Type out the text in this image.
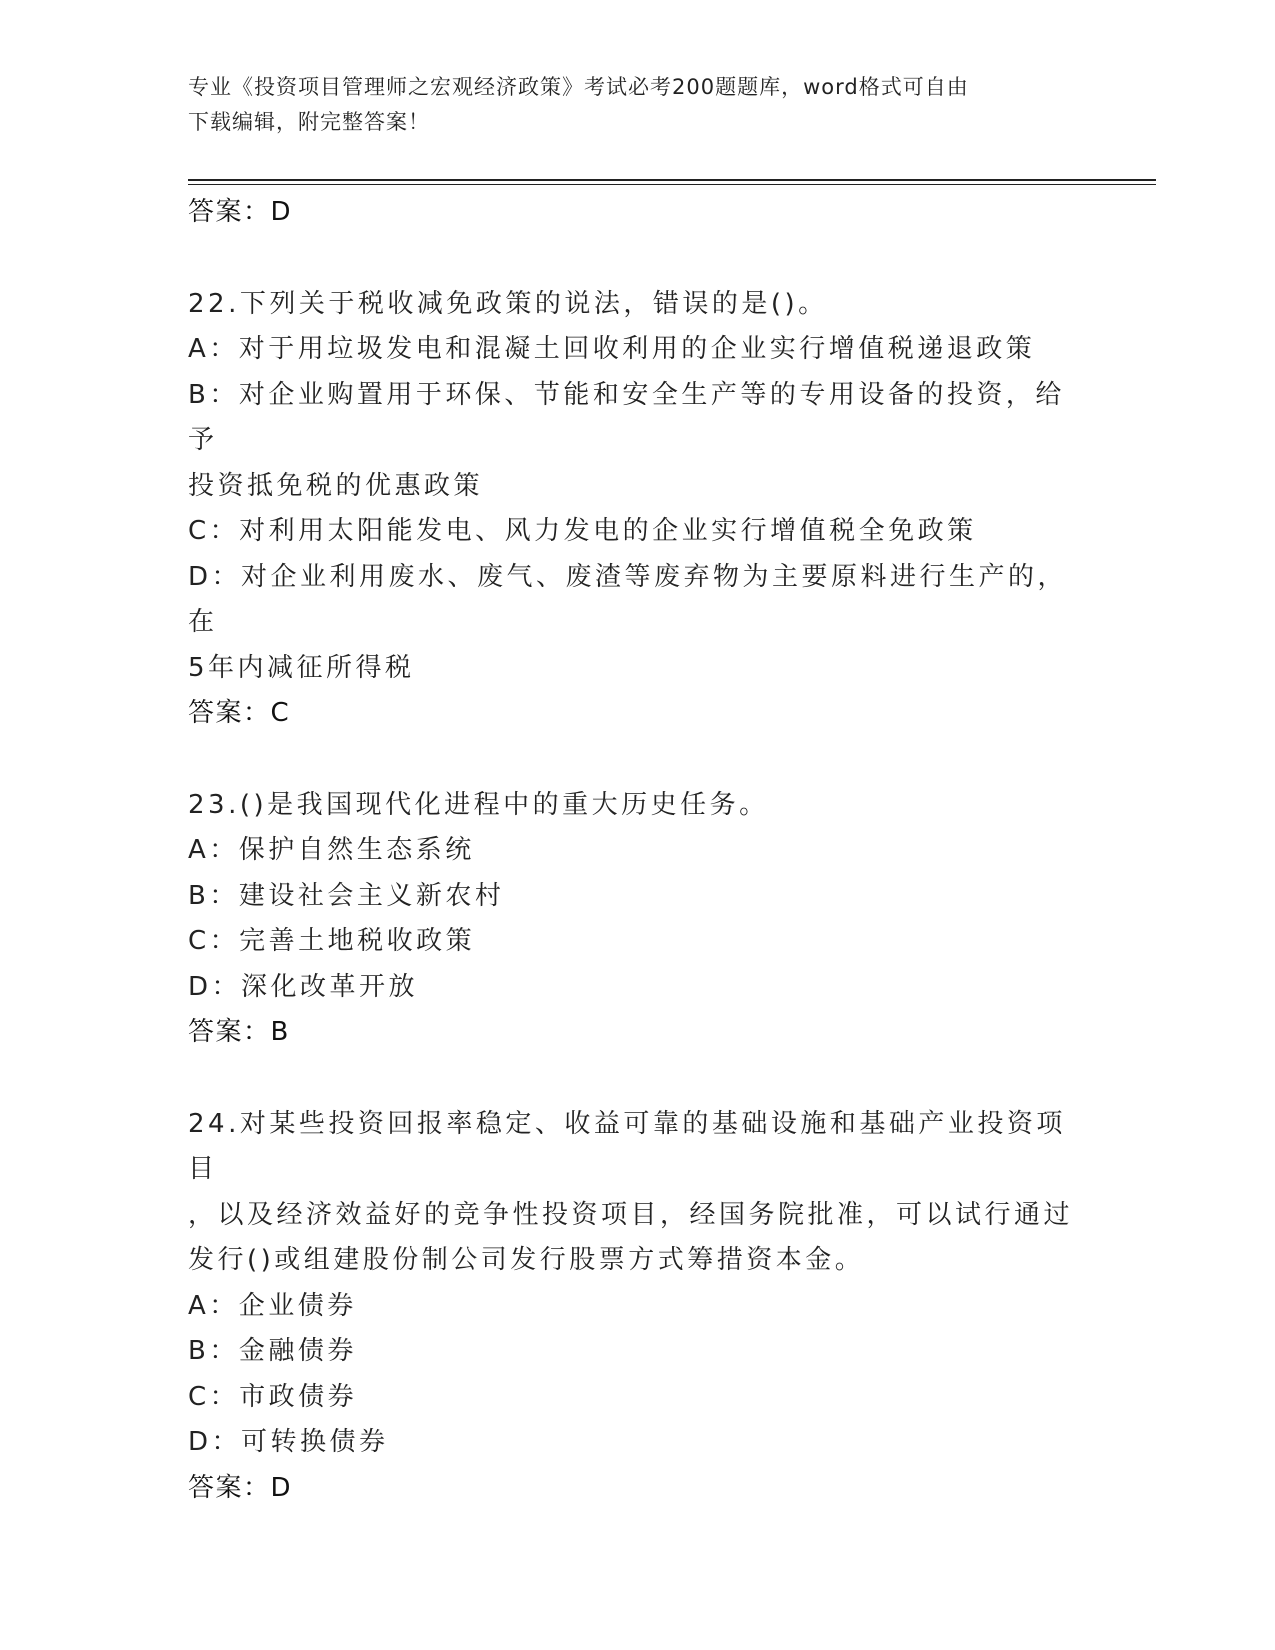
专业《投资项目管理师之宏观经济政策》考试必考200题题库，word格式可自由
下载编辑，附完整答案！
答案：D
22.下列关于税收减免政策的说法，错误的是()。
A：对于用垃圾发电和混凝土回收利用的企业实行增值税递退政策
B：对企业购置用于环保、节能和安全生产等的专用设备的投资，给予
投资抵免税的优惠政策
C：对利用太阳能发电、风力发电的企业实行增值税全免政策
D：对企业利用废水、废气、废渣等废弃物为主要原料进行生产的，在
5年内减征所得税
答案：C
23.()是我国现代化进程中的重大历史任务。
A：保护自然生态系统
B：建设社会主义新农村
C：完善土地税收政策
D：深化改革开放
答案：B
24.对某些投资回报率稳定、收益可靠的基础设施和基础产业投资项目
，以及经济效益好的竞争性投资项目，经国务院批准，可以试行通过
发行()或组建股份制公司发行股票方式筹措资本金。
A：企业债券
B：金融债券
C：市政债券
D：可转换债券
答案：D
